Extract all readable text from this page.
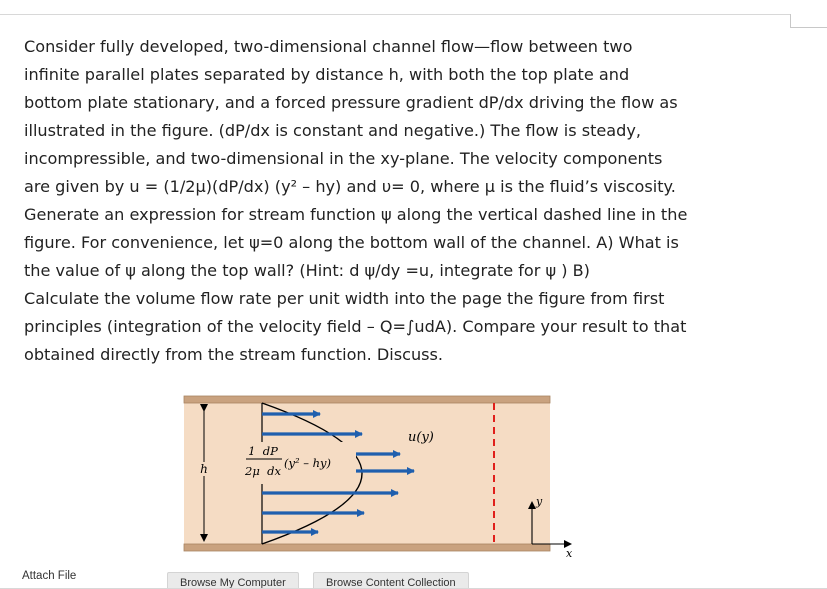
Consider fully developed, two-dimensional channel flow—flow between two
infinite parallel plates separated by distance h, with both the top plate and
bottom plate stationary, and a forced pressure gradient dP/dx driving the flow as
illustrated in the figure. (dP/dx is constant and negative.) The flow is steady,
incompressible, and two-dimensional in the xy-plane. The velocity components
are given by u = (1/2μ)(dP/dx) (y² – hy) and υ= 0, where μ is the fluid’s viscosity.
Generate an expression for stream function ψ along the vertical dashed line in the
figure. For convenience, let ψ=0 along the bottom wall of the channel. A) What is
the value of ψ along the top wall? (Hint: d ψ/dy =u, integrate for ψ ) B)
Calculate the volume flow rate per unit width into the page the figure from first
principles (integration of the velocity field – Q=∫udA). Compare your result to that
obtained directly from the stream function. Discuss.
h
1  dP
2μ  dx
(y² – hy)
u(y)
y
x
Attach File
Browse My Computer	Browse Content Collection
